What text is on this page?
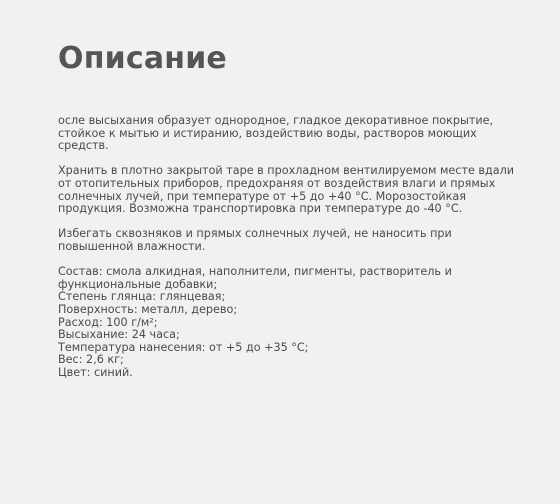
Описание

осле высыхания образует однородное, гладкое декоративное покрытие, стойкое к мытью и истиранию, воздействию воды, растворов моющих средств.

Хранить в плотно закрытой таре в прохладном вентилируемом месте вдали от отопительных приборов, предохраняя от воздействия влаги и прямых солнечных лучей, при температуре от +5 до +40 °С. Морозостойкая продукция. Возможна транспортировка при температуре до -40 °С.

Избегать сквозняков и прямых солнечных лучей, не наносить при повышенной влажности.

Состав: смола алкидная, наполнители, пигменты, растворитель и функциональные добавки;
Степень глянца: глянцевая;
Поверхность: металл, дерево;
Расход: 100 г/м²;
Высыхание: 24 часа;
Температура нанесения: от +5 до +35 °С;
Вес: 2,6 кг;
Цвет: синий.
